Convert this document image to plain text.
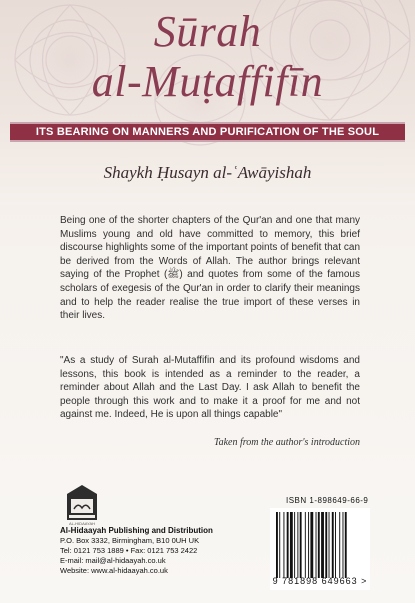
Sūrah
al-Muṭaffifīn
ITS BEARING ON MANNERS AND PURIFICATION OF THE SOUL
Shaykh Ḥusayn al-ʿAwāyishah
Being one of the shorter chapters of the Qur'an and one that many Muslims young and old have committed to memory, this brief discourse highlights some of the important points of benefit that can be derived from the Words of Allah. The author brings relevant saying of the Prophet (ﷺ) and quotes from some of the famous scholars of exegesis of the Qur'an in order to clarify their meanings and to help the reader realise the true import of these verses in their lives.
"As a study of Surah al-Mutaffifin and its profound wisdoms and lessons, this book is intended as a reminder to the reader, a reminder about Allah and the Last Day. I ask Allah to benefit the people through this work and to make it a proof for me and not against me. Indeed, He is upon all things capable"
Taken from the author's introduction
AL-HIDAAYAH
Al-Hidaayah Publishing and Distribution
P.O. Box 3332, Birmingham, B10 0UH UK
Tel: 0121 753 1889 • Fax: 0121 753 2422
E-mail: mail@al-hidaayah.co.uk
Website: www.al-hidaayah.co.uk
ISBN 1-898649-66-9
9 781898 649663 >
